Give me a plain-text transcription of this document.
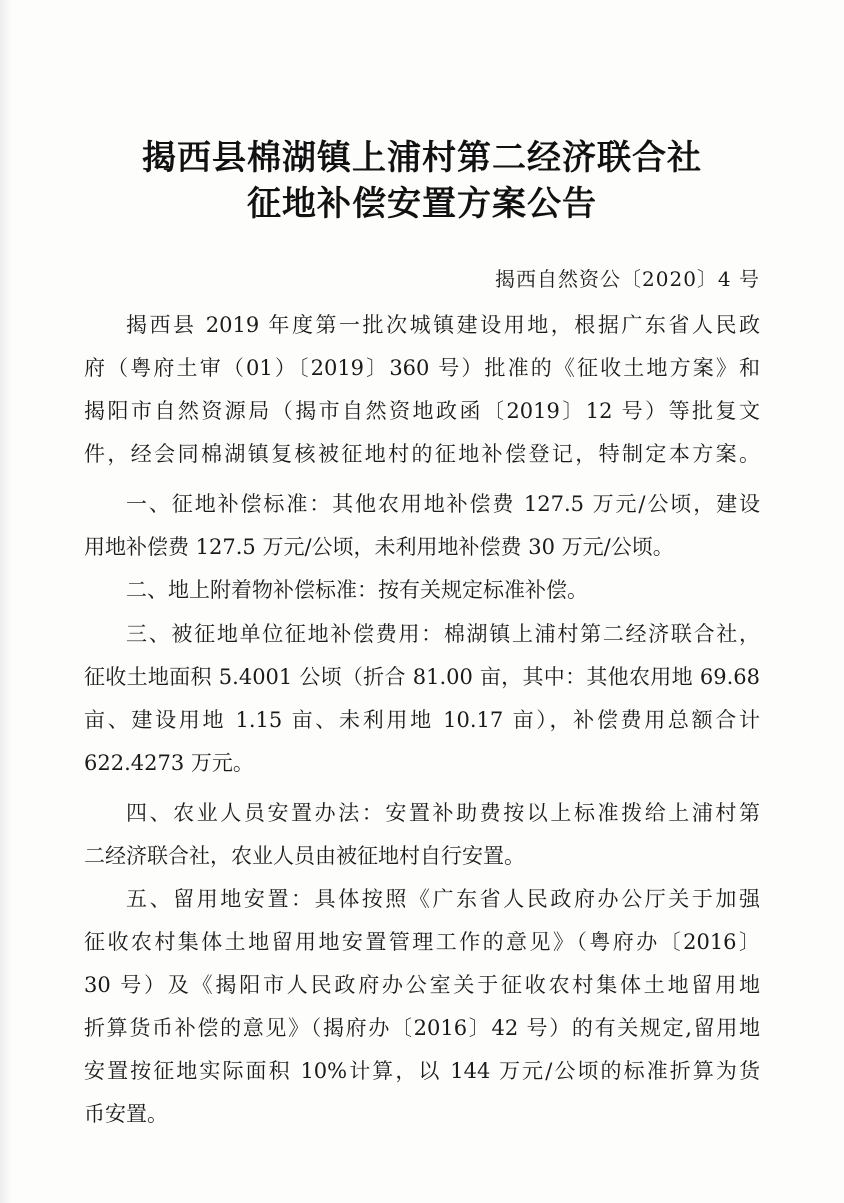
揭西县棉湖镇上浦村第二经济联合社
征地补偿安置方案公告
揭西自然资公〔2020〕4 号
揭西县 2019 年度第一批次城镇建设用地，根据广东省人民政
府（粤府土审（01）〔2019〕360 号）批准的《征收土地方案》和
揭阳市自然资源局（揭市自然资地政函〔2019〕12 号）等批复文
件，经会同棉湖镇复核被征地村的征地补偿登记，特制定本方案。
一、征地补偿标准：其他农用地补偿费 127.5 万元/公顷，建设
用地补偿费 127.5 万元/公顷，未利用地补偿费 30 万元/公顷。
二、地上附着物补偿标准：按有关规定标准补偿。
三、被征地单位征地补偿费用：棉湖镇上浦村第二经济联合社，
征收土地面积 5.4001 公顷（折合 81.00 亩，其中：其他农用地 69.68
亩、建设用地 1.15 亩、未利用地 10.17 亩），补偿费用总额合计
622.4273 万元。
四、农业人员安置办法：安置补助费按以上标准拨给上浦村第
二经济联合社，农业人员由被征地村自行安置。
五、留用地安置：具体按照《广东省人民政府办公厅关于加强
征收农村集体土地留用地安置管理工作的意见》（粤府办〔2016〕
30 号）及《揭阳市人民政府办公室关于征收农村集体土地留用地
折算货币补偿的意见》（揭府办〔2016〕42 号）的有关规定,留用地
安置按征地实际面积 10%计算，以 144 万元/公顷的标准折算为货
币安置。
